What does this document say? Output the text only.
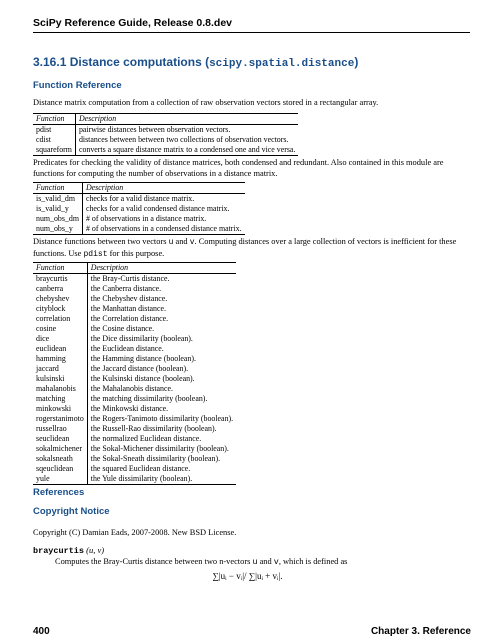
SciPy Reference Guide, Release 0.8.dev
3.16.1 Distance computations (scipy.spatial.distance)
Function Reference
Distance matrix computation from a collection of raw observation vectors stored in a rectangular array.
Function	Description
pdist	pairwise distances between observation vectors.
cdist	distances between between two collections of observation vectors.
squareform	converts a square distance matrix to a condensed one and vice versa.
Predicates for checking the validity of distance matrices, both condensed and redundant. Also contained in this module are functions for computing the number of observations in a distance matrix.
Function	Description
is_valid_dm	checks for a valid distance matrix.
is_valid_y	checks for a valid condensed distance matrix.
num_obs_dm	# of observations in a distance matrix.
num_obs_y	# of observations in a condensed distance matrix.
Distance functions between two vectors u and v. Computing distances over a large collection of vectors is inefficient for these functions. Use pdist for this purpose.
Function	Description
braycurtis	the Bray-Curtis distance.
canberra	the Canberra distance.
chebyshev	the Chebyshev distance.
cityblock	the Manhattan distance.
correlation	the Correlation distance.
cosine	the Cosine distance.
dice	the Dice dissimilarity (boolean).
euclidean	the Euclidean distance.
hamming	the Hamming distance (boolean).
jaccard	the Jaccard distance (boolean).
kulsinski	the Kulsinski distance (boolean).
mahalanobis	the Mahalanobis distance.
matching	the matching dissimilarity (boolean).
minkowski	the Minkowski distance.
rogerstanimoto	the Rogers-Tanimoto dissimilarity (boolean).
russellrao	the Russell-Rao dissimilarity (boolean).
seuclidean	the normalized Euclidean distance.
sokalmichener	the Sokal-Michener dissimilarity (boolean).
sokalsneath	the Sokal-Sneath dissimilarity (boolean).
sqeuclidean	the squared Euclidean distance.
yule	the Yule dissimilarity (boolean).
References
Copyright Notice
Copyright (C) Damian Eads, 2007-2008. New BSD License.
braycurtis (u, v)
Computes the Bray-Curtis distance between two n-vectors u and v, which is defined as
∑|uᵢ − vᵢ|/ ∑|uᵢ + vᵢ|.
400	Chapter 3. Reference
